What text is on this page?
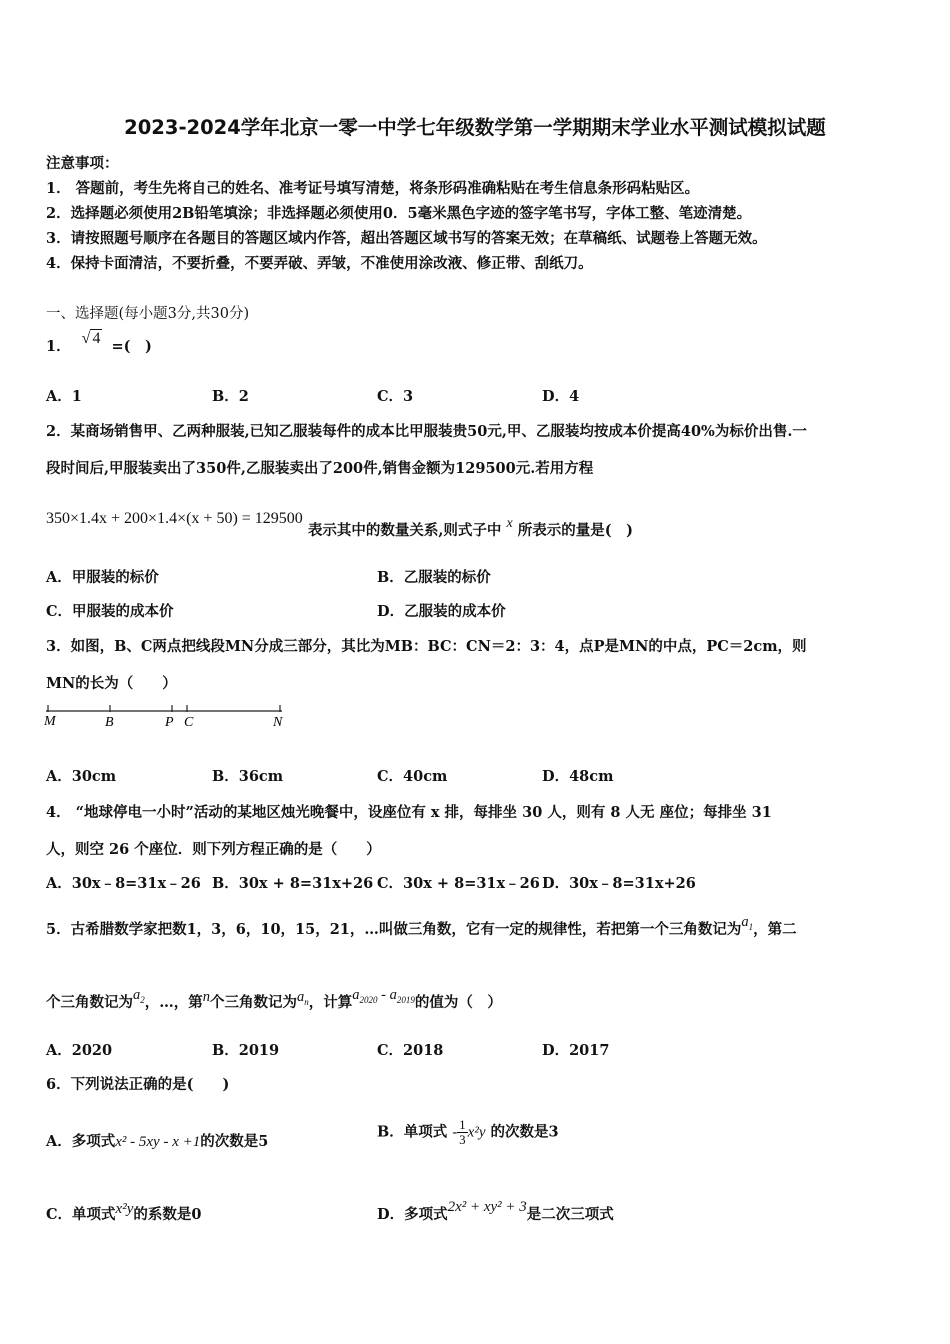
2023-2024学年北京一零一中学七年级数学第一学期期末学业水平测试模拟试题
注意事项：
1． 答题前，考生先将自己的姓名、准考证号填写清楚，将条形码准确粘贴在考生信息条形码粘贴区。
2．选择题必须使用2B铅笔填涂；非选择题必须使用0．5毫米黑色字迹的签字笔书写，字体工整、笔迹清楚。
3．请按照题号顺序在各题目的答题区域内作答，超出答题区域书写的答案无效；在草稿纸、试题卷上答题无效。
4．保持卡面清洁，不要折叠，不要弄破、弄皱，不准使用涂改液、修正带、刮纸刀。
一、选择题(每小题3分,共30分)
1． √ 4 =(　)
A．1	B．2	C．3	D．4
2．某商场销售甲、乙两种服装,已知乙服装每件的成本比甲服装贵50元,甲、乙服装均按成本价提高40%为标价出售.一
段时间后,甲服装卖出了350件,乙服装卖出了200件,销售金额为129500元.若用方程
350×1.4x + 200×1.4×(x + 50) = 129500 表示其中的数量关系,则式子中 x 所表示的量是(　)
A．甲服装的标价	B．乙服装的标价
C．甲服装的成本价	D．乙服装的成本价
3．如图，B、C两点把线段MN分成三部分，其比为MB：BC：CN＝2：3：4，点P是MN的中点，PC＝2cm，则
MN的长为（　　）
M	B	P C	N
A．30cm	B．36cm	C．40cm	D．48cm
4． “地球停电一小时”活动的某地区烛光晚餐中，设座位有 x 排，每排坐 30 人，则有 8 人无 座位；每排坐 31
人，则空 26 个座位．则下列方程正确的是（　　）
A．30x﹣8=31x﹣26 B．30x + 8=31x+26 C．30x + 8=31x﹣26 D．30x﹣8=31x+26
5．古希腊数学家把数1，3，6，10，15，21，…叫做三角数，它有一定的规律性，若把第一个三角数记为$a_1$，第二
个三角数记为$a_2$，…，第n个三角数记为$a_n$，计算$a_{2020} - a_{2019}$的值为（　）
A．2020	B．2019	C．2018	D．2017
6．下列说法正确的是(　　)
A．多项式x² - 5xy - x +1的次数是5
B．单项式 - $\frac{1}{3} x^2y$ 的次数是3
C．单项式x²y的系数是0	D．多项式2x² + xy² + 3是二次三项式
